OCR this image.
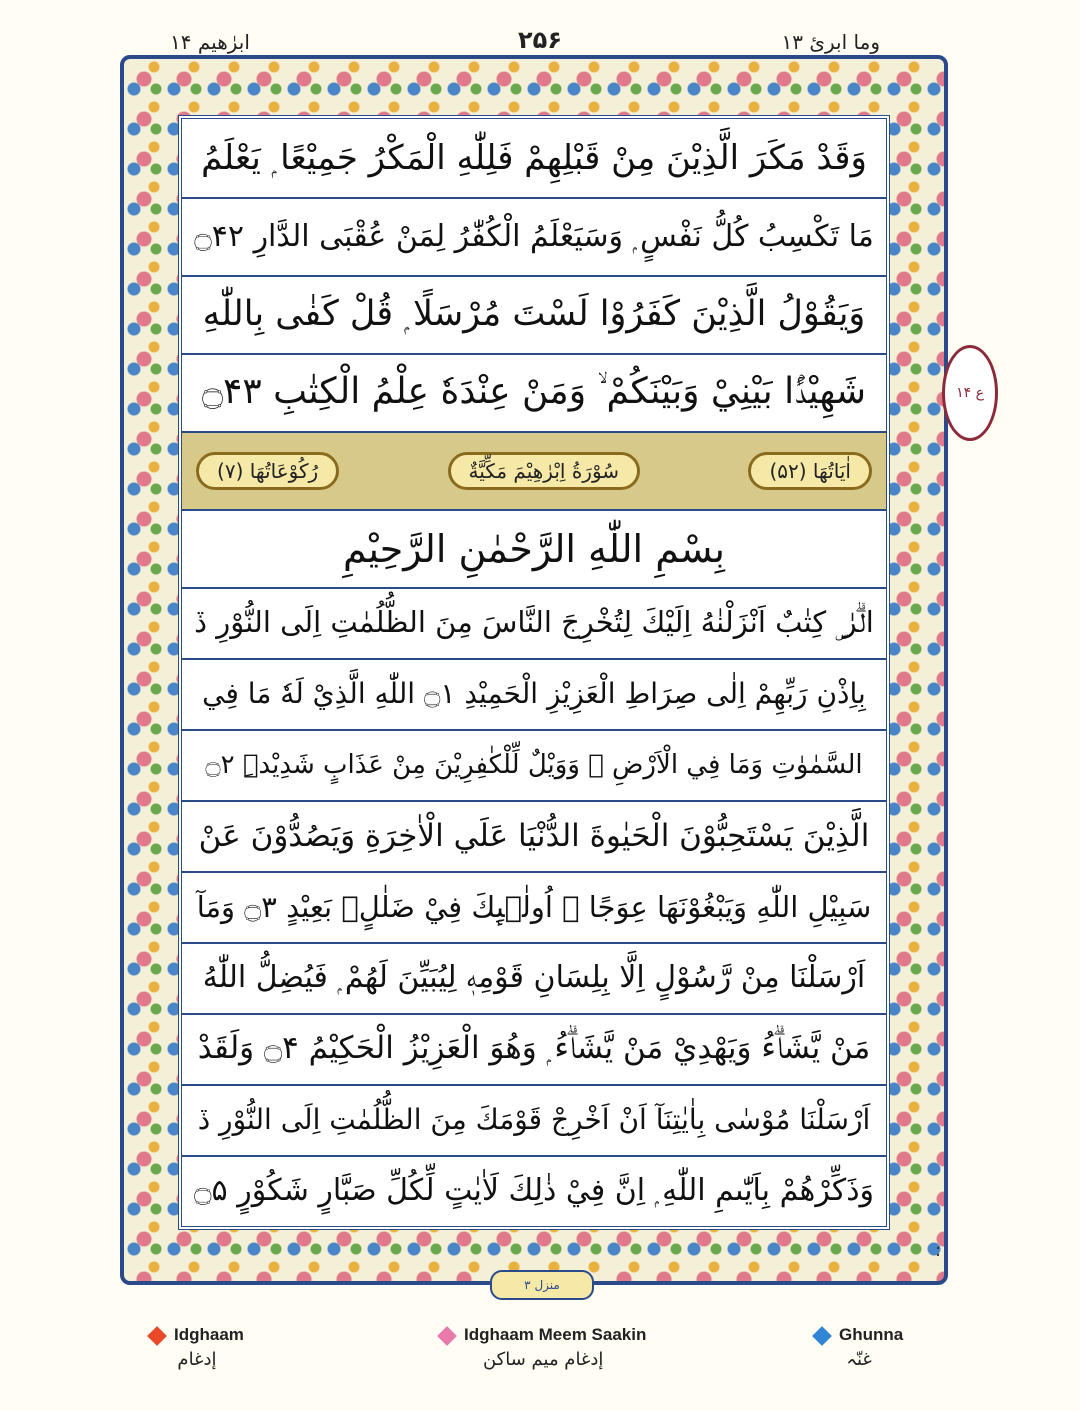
ابرٰهیم ۱۴	۲۵۶	وما ابرئ ۱۳
وَقَدْ مَكَرَ الَّذِيْنَ مِنْ قَبْلِهِمْ فَلِلّٰهِ الْمَكْرُ جَمِيْعًا ۭ يَعْلَمُ
مَا تَكْسِبُ كُلُّ نَفْسٍ ۭ وَسَيَعْلَمُ الْكُفّٰرُ لِمَنْ عُقْبَى الدَّارِ ۝۴۲
وَيَقُوْلُ الَّذِيْنَ كَفَرُوْا لَسْتَ مُرْسَلًا ۭ قُلْ كَفٰى بِاللّٰهِ
شَهِيْدًۢا بَيْنِيْ وَبَيْنَكُمْ ۙ وَمَنْ عِنْدَهٗ عِلْمُ الْكِتٰبِ ۝۴۳
رُكُوْعَاتُهَا (۷)	سُوْرَةُ اِبْرٰهِيْمَ مَكِّيَّةٌ	اٰيَاتُهَا (۵۲)
بِسْمِ اللّٰهِ الرَّحْمٰنِ الرَّحِيْمِ
الۗرٰ ۣ كِتٰبٌ اَنْزَلْنٰهُ اِلَيْكَ لِتُخْرِجَ النَّاسَ مِنَ الظُّلُمٰتِ اِلَى النُّوْرِ ڏ
بِاِذْنِ رَبِّهِمْ اِلٰى صِرَاطِ الْعَزِيْزِ الْحَمِيْدِ ۝۱ اللّٰهِ الَّذِيْ لَهٗ مَا فِي
السَّمٰوٰتِ وَمَا فِي الْاَرْضِ ۭ وَوَيْلٌ لِّلْكٰفِرِيْنَ مِنْ عَذَابٍ شَدِيْدِۨ ۝۲
الَّذِيْنَ يَسْتَحِبُّوْنَ الْحَيٰوةَ الدُّنْيَا عَلَي الْاٰخِرَةِ وَيَصُدُّوْنَ عَنْ
سَبِيْلِ اللّٰهِ وَيَبْغُوْنَهَا عِوَجًا ۭ اُولٰۗىِٕكَ فِيْ ضَلٰلٍۢ بَعِيْدٍ ۝۳ وَمَآ
اَرْسَلْنَا مِنْ رَّسُوْلٍ اِلَّا بِلِسَانِ قَوْمِهٖ لِيُبَيِّنَ لَهُمْ ۭ فَيُضِلُّ اللّٰهُ
مَنْ يَّشَاۗءُ وَيَهْدِيْ مَنْ يَّشَاۗءُ ۭ وَهُوَ الْعَزِيْزُ الْحَكِيْمُ ۝۴ وَلَقَدْ
اَرْسَلْنَا مُوْسٰى بِاٰيٰتِنَآ اَنْ اَخْرِجْ قَوْمَكَ مِنَ الظُّلُمٰتِ اِلَى النُّوْرِ ڏ
وَذَكِّرْهُمْ بِاَيّٰىمِ اللّٰهِ ۭ اِنَّ فِيْ ذٰلِكَ لَاٰيٰتٍ لِّكُلِّ صَبَّارٍ شَكُوْرٍ ۝۵
ع ۱۴
منزل ۳
:
Idghaam
إدغام
Idghaam Meem Saakin
إدغام ميم ساكن
Ghunna
غنّہ
